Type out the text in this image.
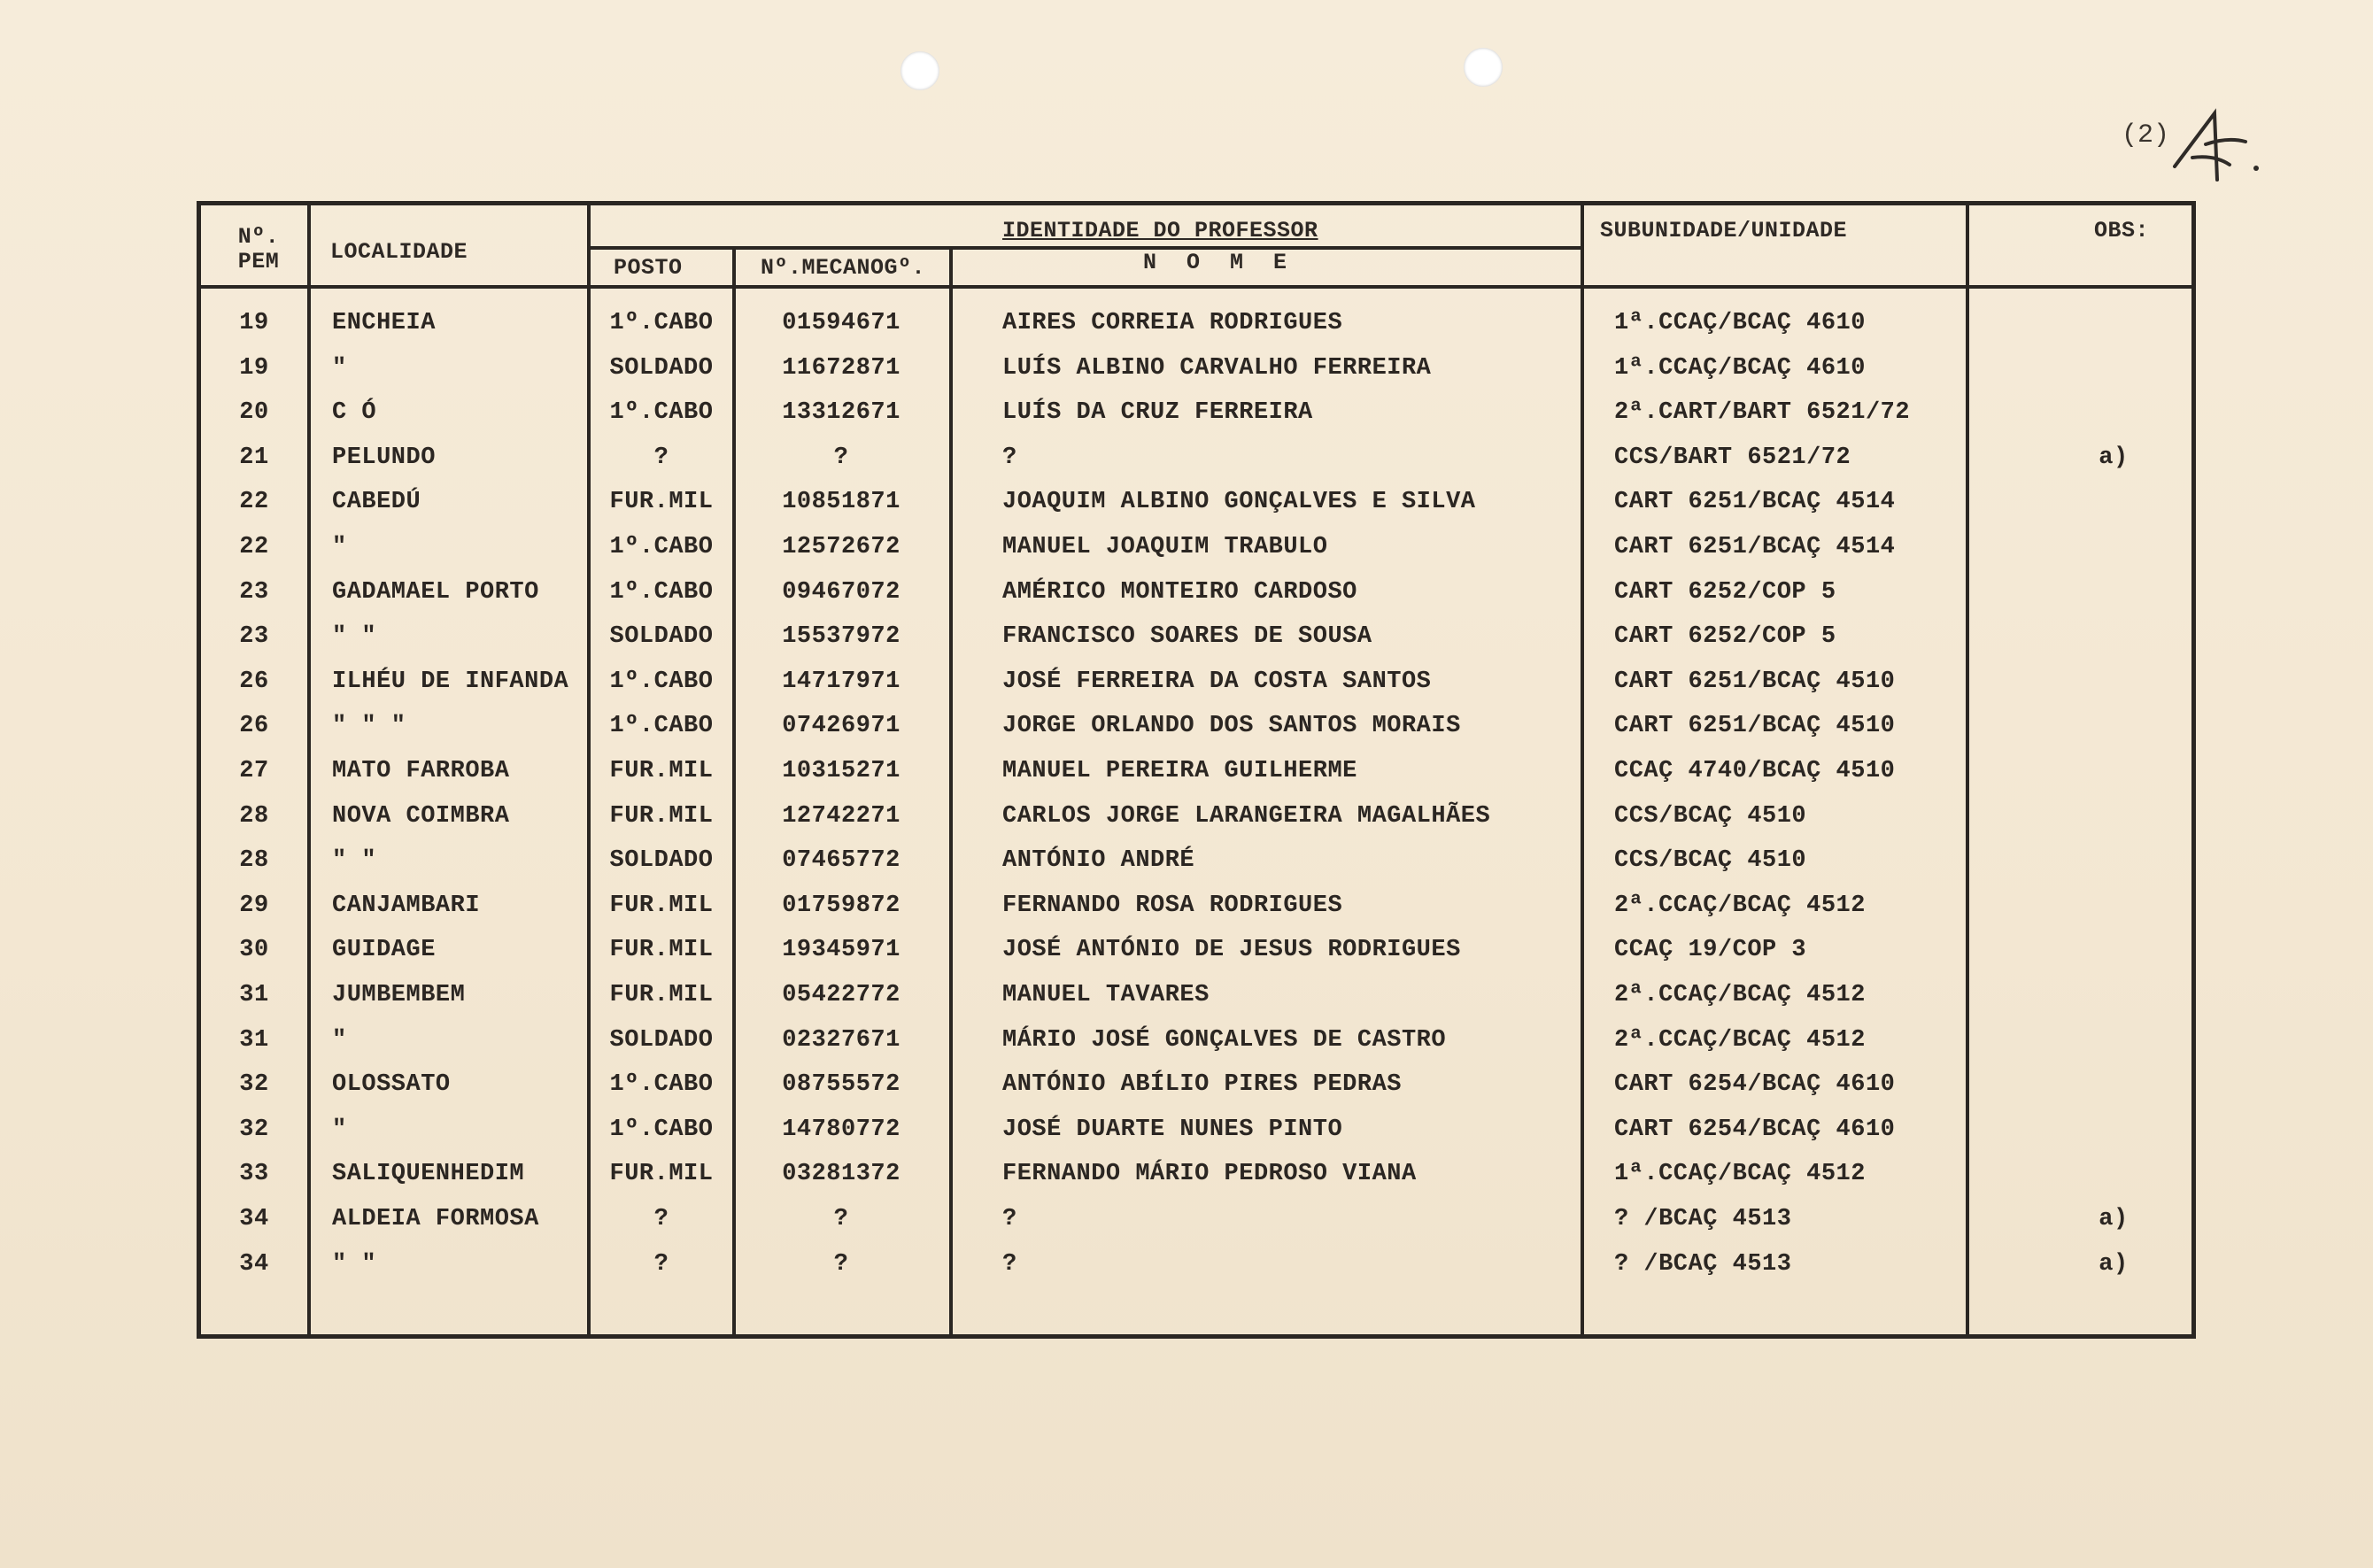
(2)
Nº. PEM	LOCALIDADE
IDENTIDADE DO PROFESSOR
POSTO	Nº.MECANOGº.	N O M E
SUBUNIDADE/UNIDADE	OBS:
19	ENCHEIA	1º.CABO	01594671	AIRES CORREIA RODRIGUES	1ª.CCAÇ/BCAÇ 4610
19	"	SOLDADO	11672871	LUÍS ALBINO CARVALHO FERREIRA	1ª.CCAÇ/BCAÇ 4610
20	C Ó	1º.CABO	13312671	LUÍS DA CRUZ FERREIRA	2ª.CART/BART 6521/72
21	PELUNDO	?	?	?	CCS/BART 6521/72	a)
22	CABEDÚ	FUR.MIL	10851871	JOAQUIM ALBINO GONÇALVES E SILVA	CART 6251/BCAÇ 4514
22	"	1º.CABO	12572672	MANUEL JOAQUIM TRABULO	CART 6251/BCAÇ 4514
23	GADAMAEL PORTO	1º.CABO	09467072	AMÉRICO MONTEIRO CARDOSO	CART 6252/COP 5
23	" "	SOLDADO	15537972	FRANCISCO SOARES DE SOUSA	CART 6252/COP 5
26	ILHÉU DE INFANDA	1º.CABO	14717971	JOSÉ FERREIRA DA COSTA SANTOS	CART 6251/BCAÇ 4510
26	" " "	1º.CABO	07426971	JORGE ORLANDO DOS SANTOS MORAIS	CART 6251/BCAÇ 4510
27	MATO FARROBA	FUR.MIL	10315271	MANUEL PEREIRA GUILHERME	CCAÇ 4740/BCAÇ 4510
28	NOVA COIMBRA	FUR.MIL	12742271	CARLOS JORGE LARANGEIRA MAGALHÃES	CCS/BCAÇ 4510
28	" "	SOLDADO	07465772	ANTÓNIO ANDRÉ	CCS/BCAÇ 4510
29	CANJAMBARI	FUR.MIL	01759872	FERNANDO ROSA RODRIGUES	2ª.CCAÇ/BCAÇ 4512
30	GUIDAGE	FUR.MIL	19345971	JOSÉ ANTÓNIO DE JESUS RODRIGUES	CCAÇ 19/COP 3
31	JUMBEMBEM	FUR.MIL	05422772	MANUEL TAVARES	2ª.CCAÇ/BCAÇ 4512
31	"	SOLDADO	02327671	MÁRIO JOSÉ GONÇALVES DE CASTRO	2ª.CCAÇ/BCAÇ 4512
32	OLOSSATO	1º.CABO	08755572	ANTÓNIO ABÍLIO PIRES PEDRAS	CART 6254/BCAÇ 4610
32	"	1º.CABO	14780772	JOSÉ DUARTE NUNES PINTO	CART 6254/BCAÇ 4610
33	SALIQUENHEDIM	FUR.MIL	03281372	FERNANDO MÁRIO PEDROSO VIANA	1ª.CCAÇ/BCAÇ 4512
34	ALDEIA FORMOSA	?	?	?	? /BCAÇ 4513	a)
34	" "	?	?	?	? /BCAÇ 4513	a)
